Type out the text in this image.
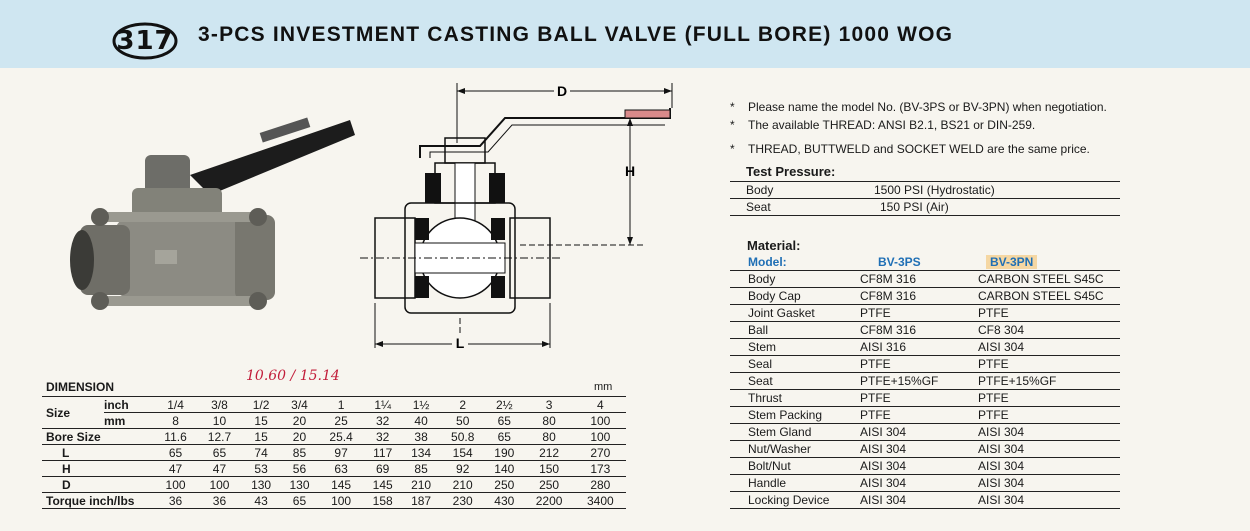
317 3-PCS INVESTMENT CASTING BALL VALVE (FULL BORE) 1000 WOG
D
H
L
* Please name the model No. (BV-3PS or BV-3PN) when negotiation.
* The available THREAD: ANSI B2.1, BS21 or DIN-259.
* THREAD, BUTTWELD and SOCKET WELD are the same price.
Test Pressure:
Body	1500 PSI (Hydrostatic)
Seat	150 PSI (Air)
Material:
Model:	BV-3PS	BV-3PN
Body	CF8M 316	CARBON STEEL S45C
Body Cap	CF8M 316	CARBON STEEL S45C
Joint Gasket	PTFE	PTFE
Ball	CF8M 316	CF8 304
Stem	AISI 316	AISI 304
Seal	PTFE	PTFE
Seat	PTFE+15%GF	PTFE+15%GF
Thrust	PTFE	PTFE
Stem Packing	PTFE	PTFE
Stem Gland	AISI 304	AISI 304
Nut/Washer	AISI 304	AISI 304
Bolt/Nut	AISI 304	AISI 304
Handle	AISI 304	AISI 304
Locking Device	AISI 304	AISI 304
DIMENSION	mm
10.60 / 15.14
Size	inch	1/4	3/8	1/2	3/4	1	1¼	1½	2	2½	3	4
	mm	8	10	15	20	25	32	40	50	65	80	100
Bore Size		11.6	12.7	15	20	25.4	32	38	50.8	65	80	100
L		65	65	74	85	97	117	134	154	190	212	270
H		47	47	53	56	63	69	85	92	140	150	173
D		100	100	130	130	145	145	210	210	250	250	280
Torque inch/lbs		36	36	43	65	100	158	187	230	430	2200	3400
